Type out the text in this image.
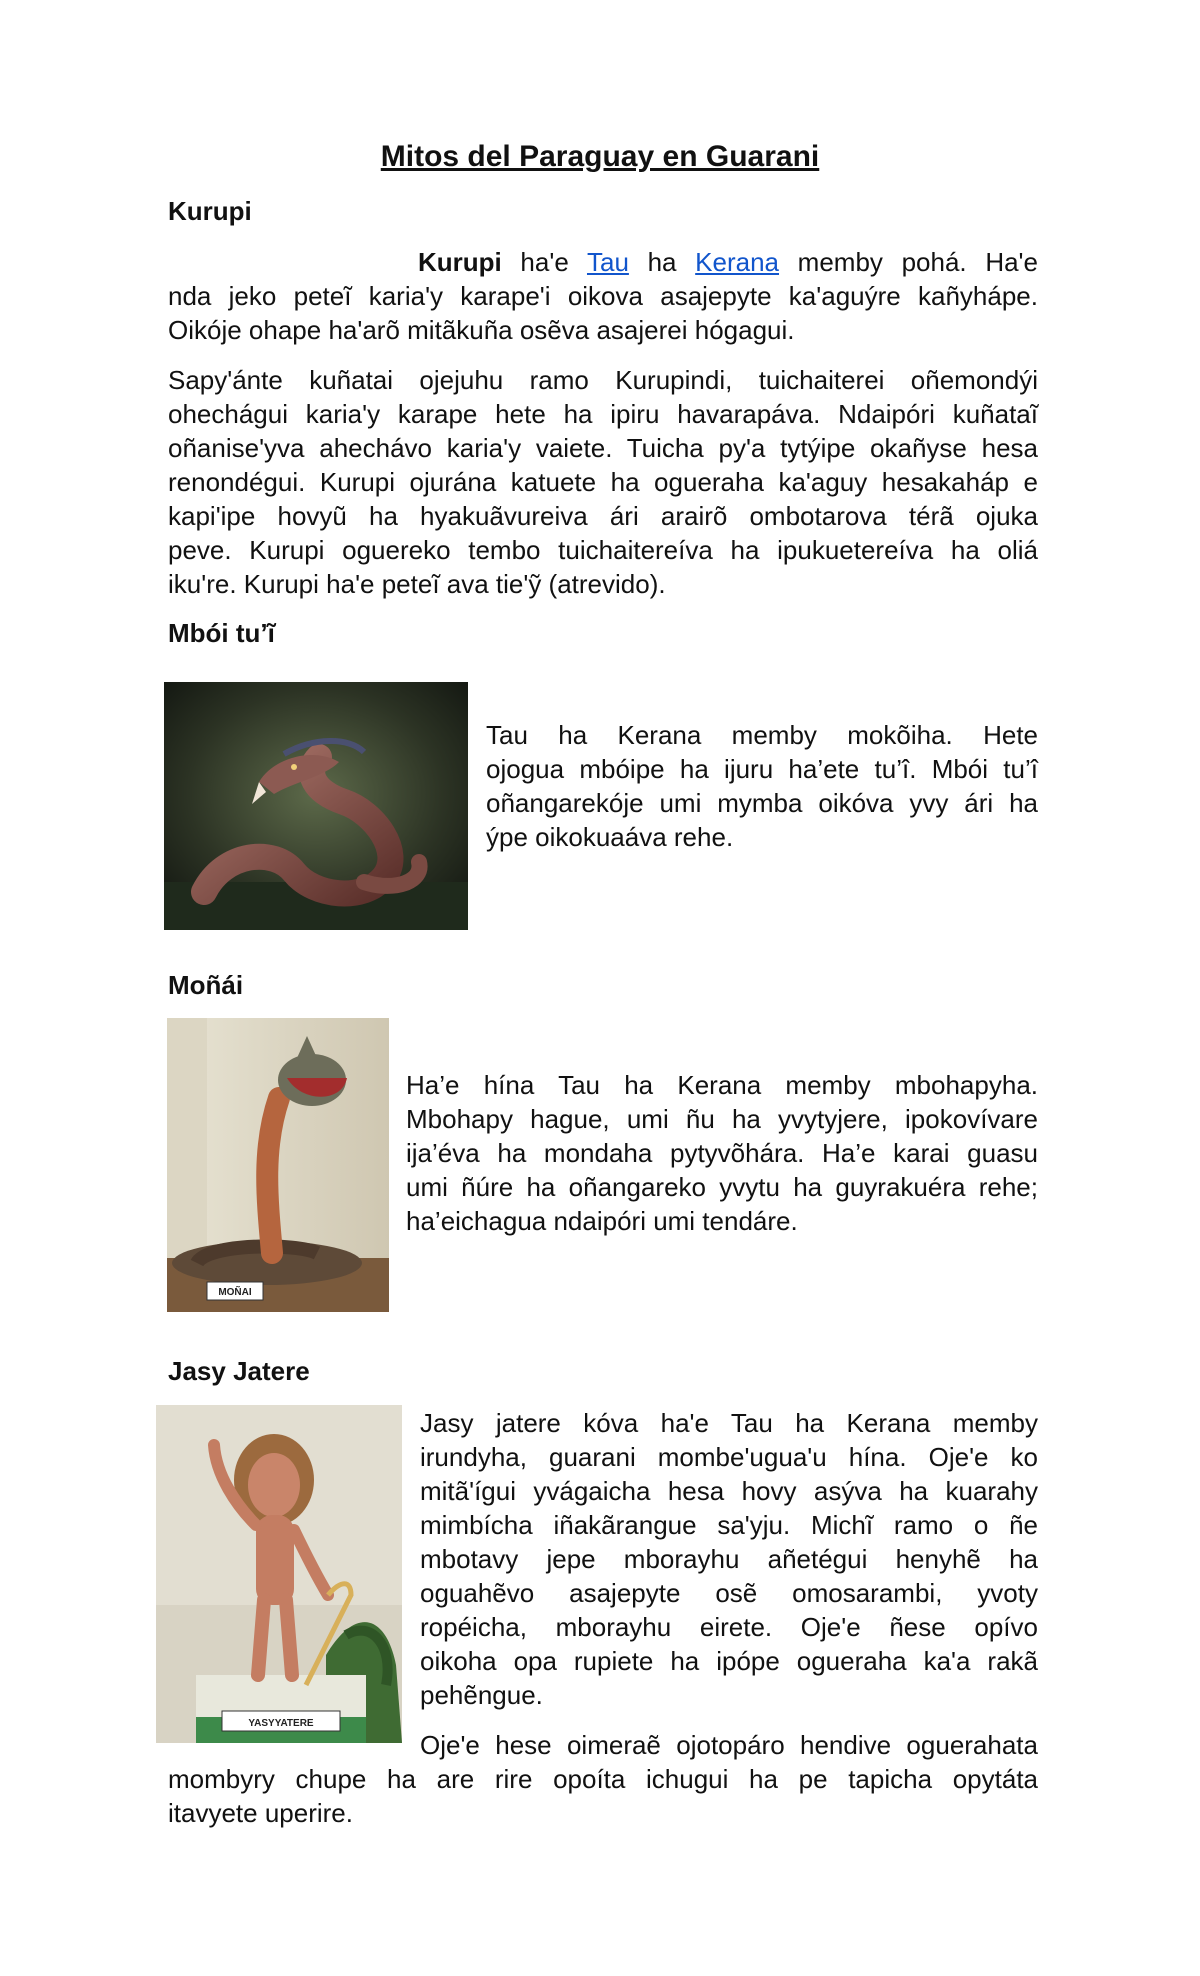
Mitos del Paraguay en Guarani
Kurupi
Kurupi ha'e Tau ha Kerana memby pohá. Ha'e
nda jeko peteĩ karia'y karape'i oikova asajepyte ka'aguýre kañyhápe.
Oikóje ohape ha'arõ mitãkuña osẽva asajerei hógagui.
Sapy'ánte kuñatai ojejuhu ramo Kurupindi, tuichaiterei oñemondýi
ohechágui karia'y karape hete ha ipiru havarapáva. Ndaipóri kuñataĩ
oñanise'yva ahechávo karia'y vaiete. Tuicha py'a tytýipe okañyse hesa
renondégui. Kurupi ojurána katuete ha ogueraha ka'aguy hesakaháp e
kapi'ipe hovyũ ha hyakuãvureiva ári arairõ ombotarova térã ojuka
peve. Kurupi oguereko tembo tuichaitereíva ha ipukuetereíva ha oliá
iku're. Kurupi ha'e peteĩ ava tie'ỹ (atrevido).
Mbói tu’ĩ
Tau ha Kerana memby mokõiha. Hete
ojogua mbóipe ha ijuru ha’ete tu’î. Mbói tu’î
oñangarekóje umi mymba oikóva yvy ári ha
ýpe oikokuaáva rehe.
Moñái
MOÑAI
Ha’e hína Tau ha Kerana memby mbohapyha.
Mbohapy hague, umi ñu ha yvytyjere, ipokovívare
ija’éva ha mondaha pytyvõhára. Ha’e karai guasu
umi ñúre ha oñangareko yvytu ha guyrakuéra rehe;
ha’eichagua ndaipóri umi tendáre.
Jasy Jatere
YASYYATERE
Jasy jatere kóva ha'e Tau ha Kerana memby
irundyha, guarani mombe'ugua'u hína. Oje'e ko
mitã'ígui yvágaicha hesa hovy asýva ha kuarahy
mimbícha iñakãrangue sa'yju. Michĩ ramo o ñe
mbotavy jepe mborayhu añetégui henyhẽ ha
oguahẽvo asajepyte osẽ omosarambi, yvoty
ropéicha, mborayhu eirete. Oje'e ñese opívo
oikoha opa rupiete ha ipópe ogueraha ka'a rakã
pehẽngue.
Oje'e hese oimeraẽ ojotopáro hendive oguerahata
mombyry chupe ha are rire opoíta ichugui ha pe tapicha opytáta
itavyete uperire.
